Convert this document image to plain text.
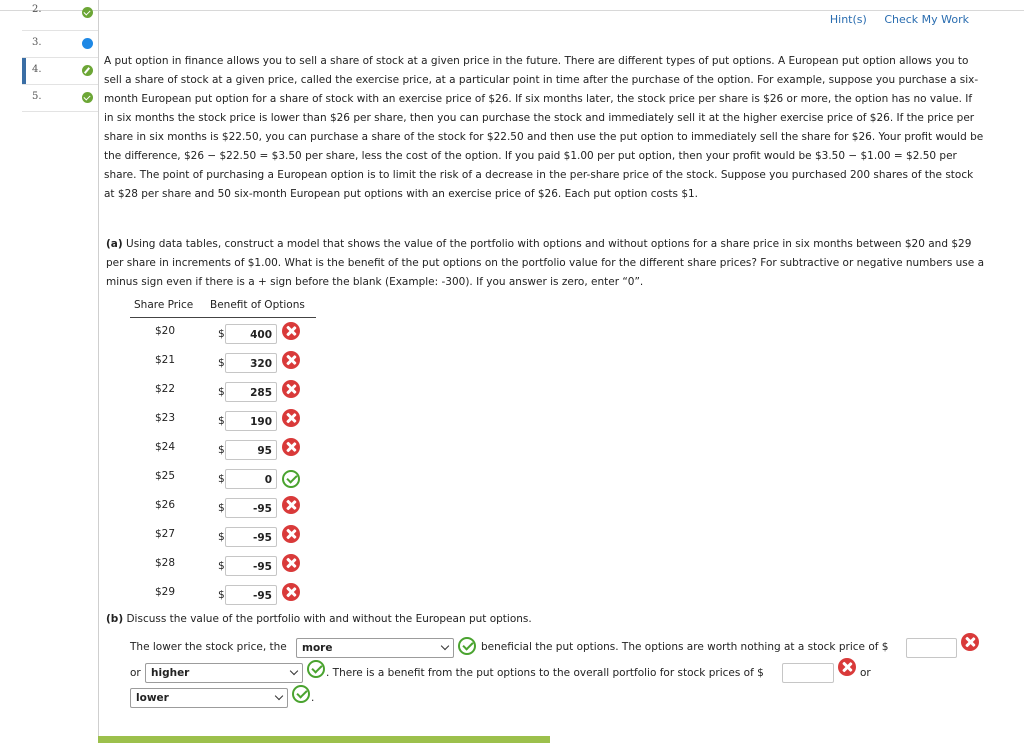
2.
3.
4.
5.
Hint(s) Check My Work
A put option in finance allows you to sell a share of stock at a given price in the future. There are different types of put options. A European put option allows you to sell a share of stock at a given price, called the exercise price, at a particular point in time after the purchase of the option. For example, suppose you purchase a six-month European put option for a share of stock with an exercise price of $26. If six months later, the stock price per share is $26 or more, the option has no value. If in six months the stock price is lower than $26 per share, then you can purchase the stock and immediately sell it at the higher exercise price of $26. If the price per share in six months is $22.50, you can purchase a share of the stock for $22.50 and then use the put option to immediately sell the share for $26. Your profit would be the difference, $26 − $22.50 = $3.50 per share, less the cost of the option. If you paid $1.00 per put option, then your profit would be $3.50 − $1.00 = $2.50 per share. The point of purchasing a European option is to limit the risk of a decrease in the per-share price of the stock. Suppose you purchased 200 shares of the stock at $28 per share and 50 six-month European put options with an exercise price of $26. Each put option costs $1.
(a) Using data tables, construct a model that shows the value of the portfolio with options and without options for a share price in six months between $20 and $29 per share in increments of $1.00. What is the benefit of the put options on the portfolio value for the different share prices? For subtractive or negative numbers use a minus sign even if there is a + sign before the blank (Example: -300). If you answer is zero, enter “0”.
Share Price Benefit of Options
$20	$	400
$21	$	320
$22	$	285
$23	$	190
$24	$	95
$25	$	0
$26	$	-95
$27	$	-95
$28	$	-95
$29	$	-95
(b) Discuss the value of the portfolio with and without the European put options.
The lower the stock price, the	more	beneficial the put options. The options are worth nothing at a stock price of $
or higher	. There is a benefit from the put options to the overall portfolio for stock prices of $	or
lower	.
